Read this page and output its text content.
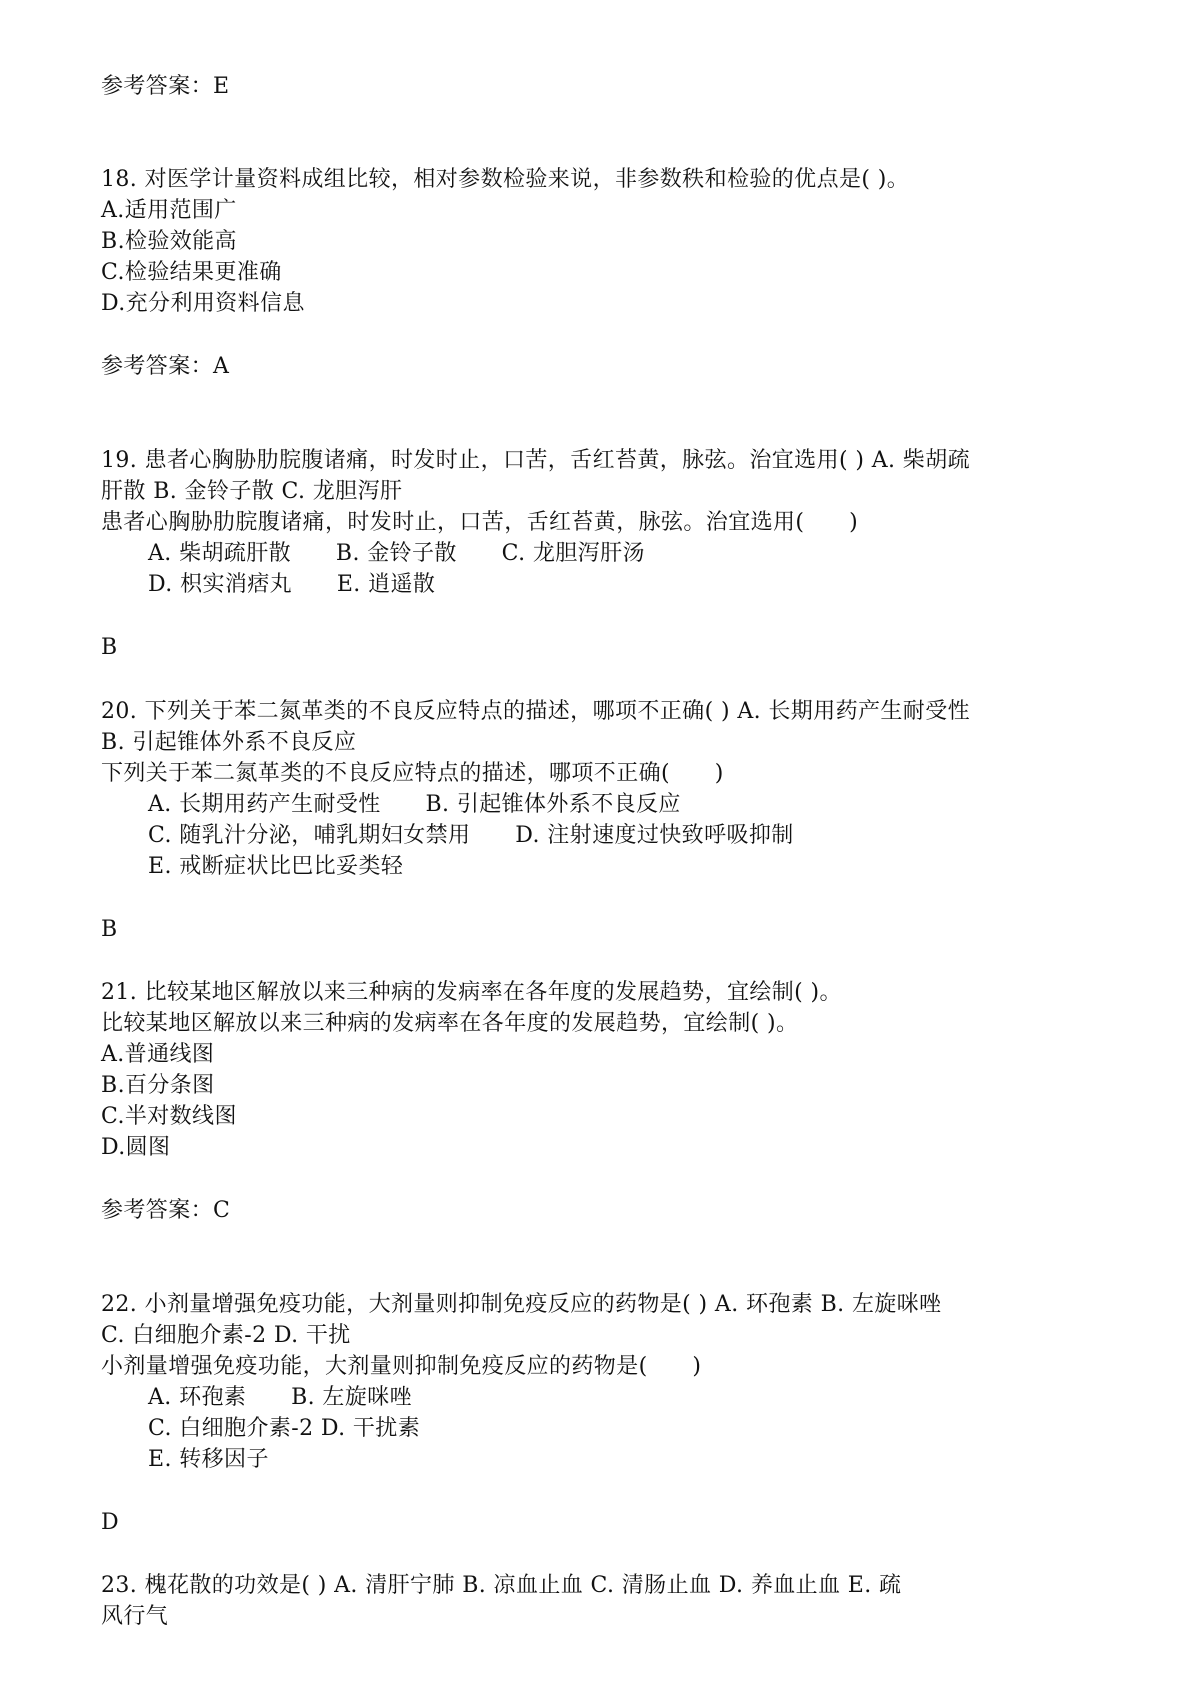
参考答案：E
18. 对医学计量资料成组比较，相对参数检验来说，非参数秩和检验的优点是( )。
A.适用范围广
B.检验效能高
C.检验结果更准确
D.充分利用资料信息
参考答案：A
19. 患者心胸胁肋脘腹诸痛，时发时止，口苦，舌红苔黄，脉弦。治宜选用( ) A. 柴胡疏
肝散 B. 金铃子散 C. 龙胆泻肝
患者心胸胁肋脘腹诸痛，时发时止，口苦，舌红苔黄，脉弦。治宜选用(　　)
A. 柴胡疏肝散　　B. 金铃子散　　C. 龙胆泻肝汤
D. 枳实消痞丸　　E. 逍遥散
B
20. 下列关于苯二氮革类的不良反应特点的描述，哪项不正确( ) A. 长期用药产生耐受性
B. 引起锥体外系不良反应
下列关于苯二氮革类的不良反应特点的描述，哪项不正确(　　)
A. 长期用药产生耐受性　　B. 引起锥体外系不良反应
C. 随乳汁分泌，哺乳期妇女禁用　　D. 注射速度过快致呼吸抑制
E. 戒断症状比巴比妥类轻
B
21. 比较某地区解放以来三种病的发病率在各年度的发展趋势，宜绘制( )。
比较某地区解放以来三种病的发病率在各年度的发展趋势，宜绘制( )。
A.普通线图
B.百分条图
C.半对数线图
D.圆图
参考答案：C
22. 小剂量增强免疫功能，大剂量则抑制免疫反应的药物是( ) A. 环孢素 B. 左旋咪唑
C. 白细胞介素-2 D. 干扰
小剂量增强免疫功能，大剂量则抑制免疫反应的药物是(　　)
A. 环孢素　　B. 左旋咪唑
C. 白细胞介素-2 D. 干扰素
E. 转移因子
D
23. 槐花散的功效是( ) A. 清肝宁肺 B. 凉血止血 C. 清肠止血 D. 养血止血 E. 疏
风行气
